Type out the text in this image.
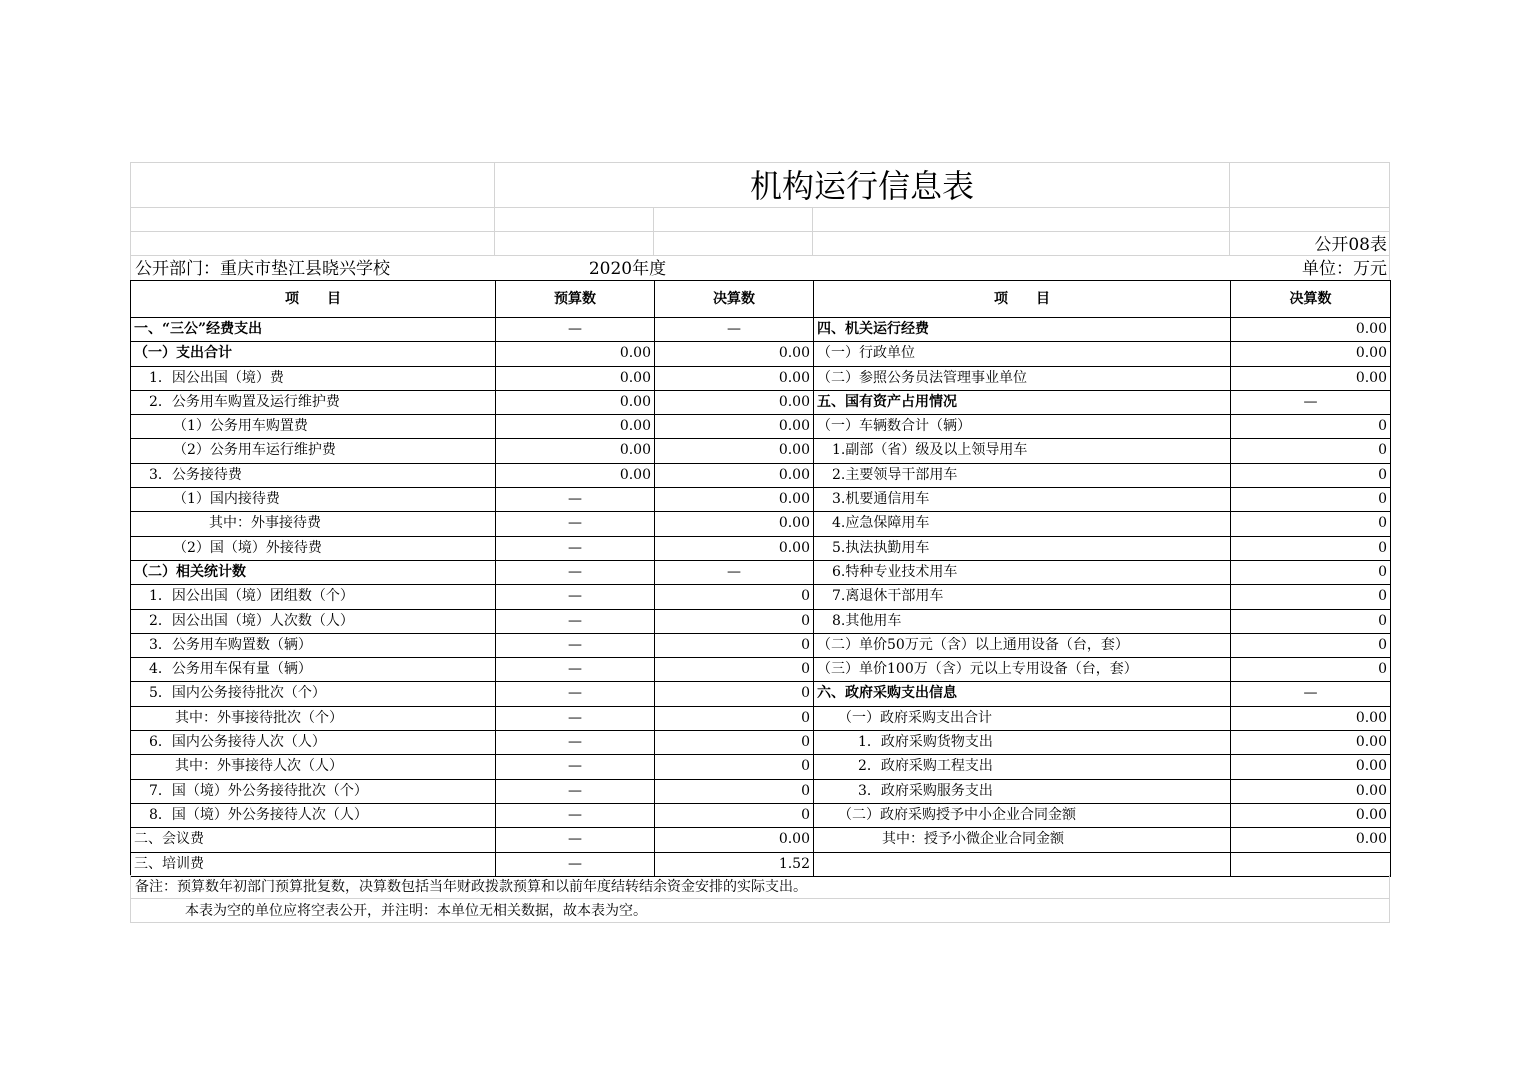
机构运行信息表
公开08表
公开部门：重庆市垫江县晓兴学校	2020年度	单位：万元
项　　目	预算数	决算数	项　　目	决算数
一、“三公”经费支出	—	—	四、机关运行经费	0.00
（一）支出合计	0.00	0.00 （一）行政单位	0.00
1．因公出国（境）费	0.00	0.00 （二）参照公务员法管理事业单位	0.00
2．公务用车购置及运行维护费	0.00	0.00 五、国有资产占用情况	—
（1）公务用车购置费	0.00	0.00 （一）车辆数合计（辆）	0
（2）公务用车运行维护费	0.00	0.00	1.副部（省）级及以上领导用车	0
3．公务接待费	0.00	0.00	2.主要领导干部用车	0
（1）国内接待费	—	0.00	3.机要通信用车	0
其中：外事接待费	—	0.00	4.应急保障用车	0
（2）国（境）外接待费	—	0.00	5.执法执勤用车	0
（二）相关统计数	—	—	6.特种专业技术用车	0
1．因公出国（境）团组数（个）	—	0	7.离退休干部用车	0
2．因公出国（境）人次数（人）	—	0	8.其他用车	0
3．公务用车购置数（辆）	—	0 （二）单价50万元（含）以上通用设备（台，套）	0
4．公务用车保有量（辆）	—	0 （三）单价100万（含）元以上专用设备（台，套）	0
5．国内公务接待批次（个）	—	0 六、政府采购支出信息	—
其中：外事接待批次（个）	—	0	（一）政府采购支出合计	0.00
6．国内公务接待人次（人）	—	0	1．政府采购货物支出	0.00
其中：外事接待人次（人）	—	0	2．政府采购工程支出	0.00
7．国（境）外公务接待批次（个）	—	0	3．政府采购服务支出	0.00
8．国（境）外公务接待人次（人）	—	0	（二）政府采购授予中小企业合同金额	0.00
二、会议费	—	0.00	其中：授予小微企业合同金额	0.00
三、培训费	—	1.52
备注：预算数年初部门预算批复数，决算数包括当年财政拨款预算和以前年度结转结余资金安排的实际支出。
本表为空的单位应将空表公开，并注明：本单位无相关数据，故本表为空。
